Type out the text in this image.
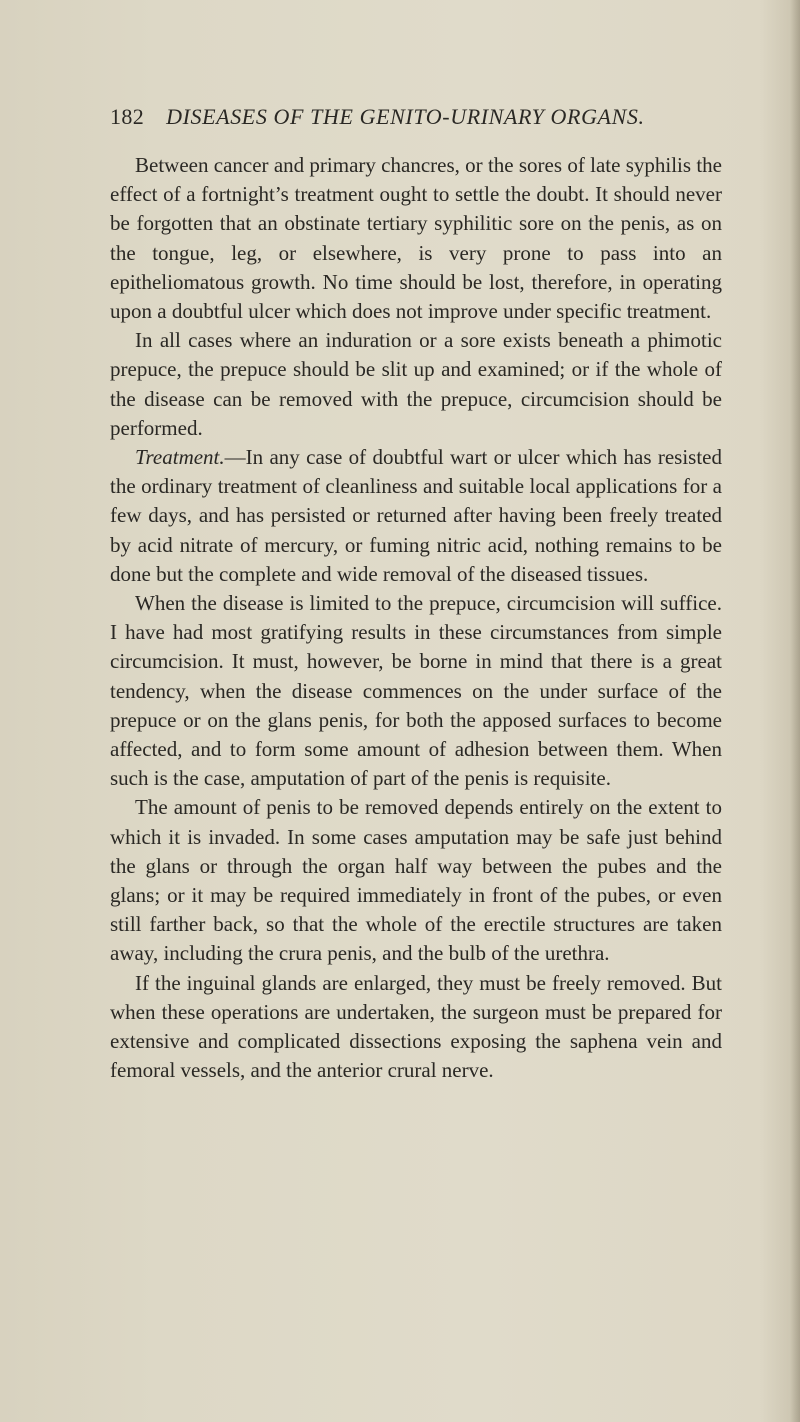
182 DISEASES OF THE GENITO-URINARY ORGANS.

Between cancer and primary chancres, or the sores of late syphilis the effect of a fortnight’s treatment ought to settle the doubt. It should never be forgotten that an obstinate tertiary syphilitic sore on the penis, as on the tongue, leg, or elsewhere, is very prone to pass into an epitheliomatous growth. No time should be lost, therefore, in operating upon a doubtful ulcer which does not improve under specific treatment.

In all cases where an induration or a sore exists beneath a phimotic prepuce, the prepuce should be slit up and examined; or if the whole of the disease can be removed with the prepuce, circumcision should be performed.

Treatment.—In any case of doubtful wart or ulcer which has resisted the ordinary treatment of cleanliness and suitable local applications for a few days, and has persisted or returned after having been freely treated by acid nitrate of mercury, or fuming nitric acid, nothing remains to be done but the complete and wide removal of the diseased tissues.

When the disease is limited to the prepuce, circumcision will suffice. I have had most gratifying results in these circumstances from simple circumcision. It must, however, be borne in mind that there is a great tendency, when the disease commences on the under surface of the prepuce or on the glans penis, for both the apposed surfaces to become affected, and to form some amount of adhesion between them. When such is the case, amputation of part of the penis is requisite.

The amount of penis to be removed depends entirely on the extent to which it is invaded. In some cases amputation may be safe just behind the glans or through the organ half way between the pubes and the glans; or it may be required immediately in front of the pubes, or even still farther back, so that the whole of the erectile structures are taken away, including the crura penis, and the bulb of the urethra.

If the inguinal glands are enlarged, they must be freely removed. But when these operations are undertaken, the surgeon must be prepared for extensive and complicated dissections exposing the saphena vein and femoral vessels, and the anterior crural nerve.
